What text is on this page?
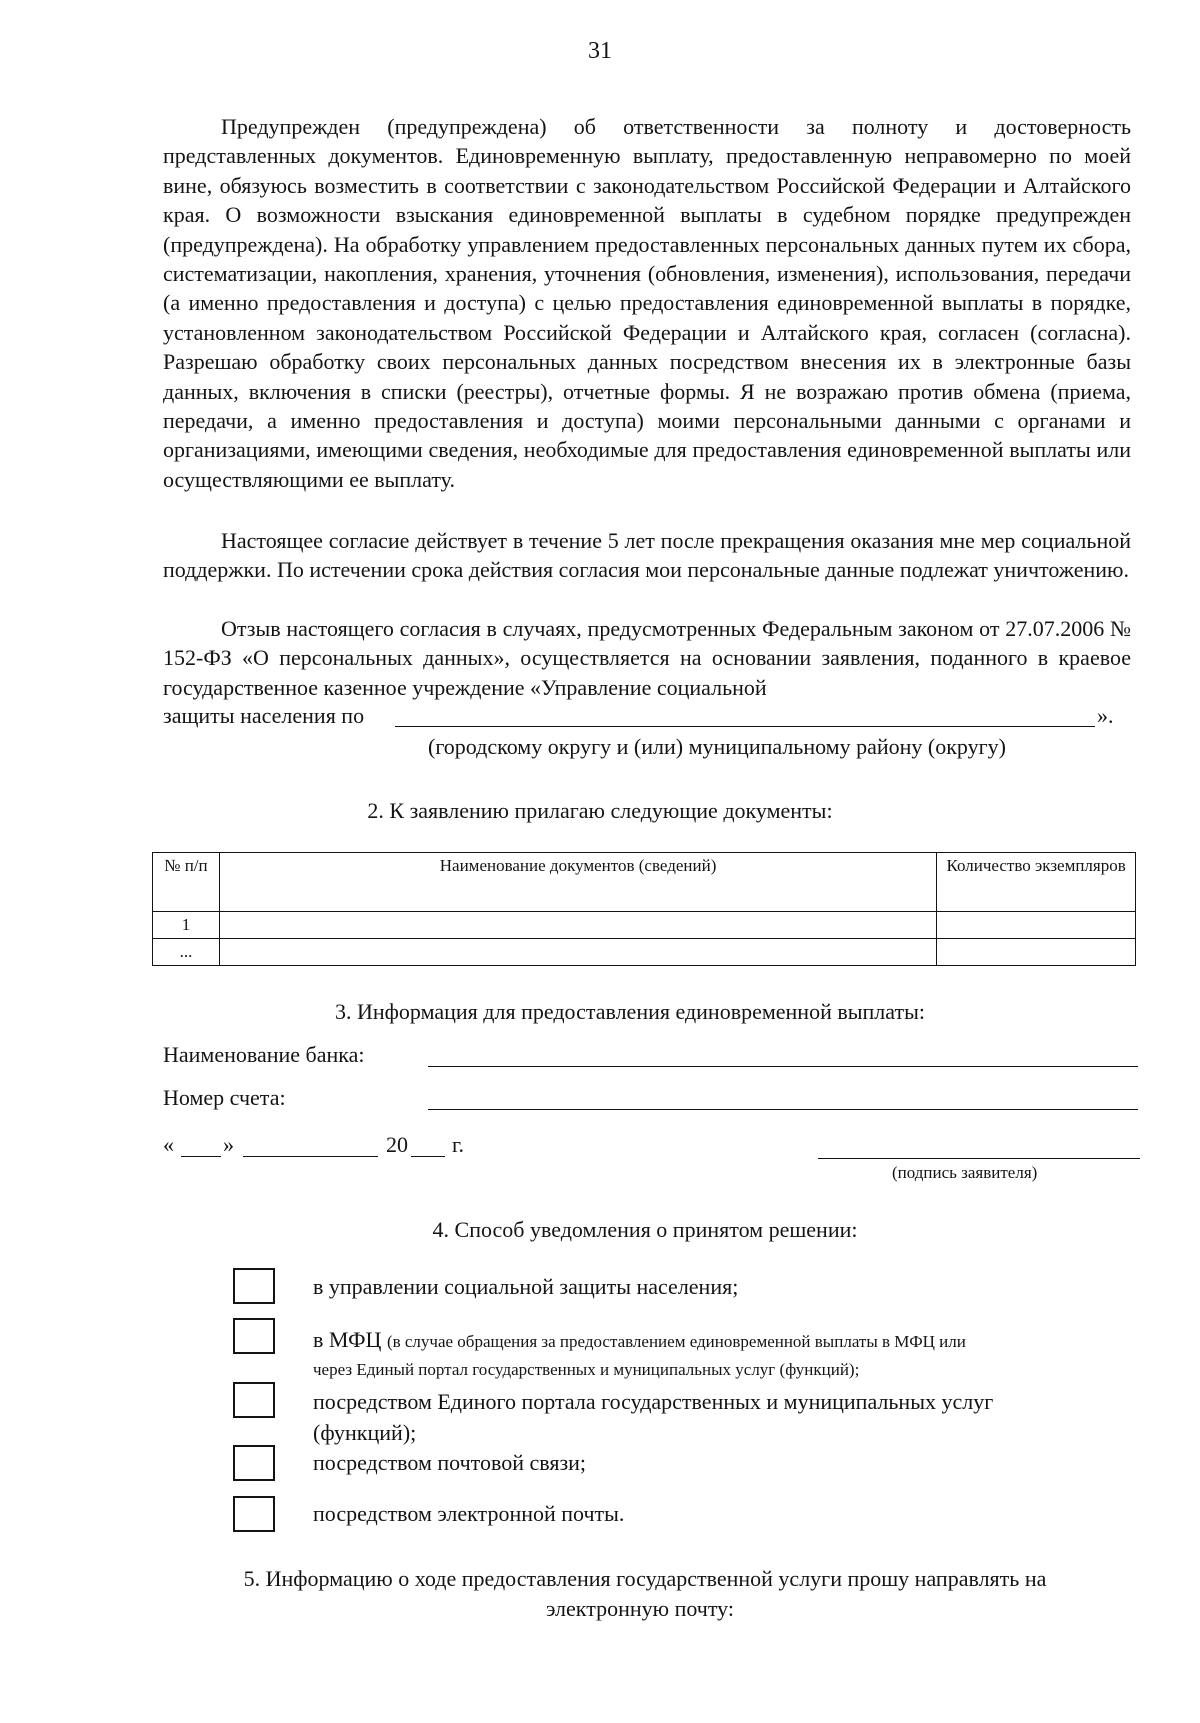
31

Предупрежден (предупреждена) об ответственности за полноту и достоверность представленных документов. Единовременную выплату, предоставленную неправомерно по моей вине, обязуюсь возместить в соответствии с законодательством Российской Федерации и Алтайского края. О возможности взыскания единовременной выплаты в судебном порядке предупрежден (предупреждена). На обработку управлением предоставленных персональных данных путем их сбора, систематизации, накопления, хранения, уточнения (обновления, изменения), использования, передачи (а именно предоставления и доступа) с целью предоставления единовременной выплаты в порядке, установленном законодательством Российской Федерации и Алтайского края, согласен (согласна). Разрешаю обработку своих персональных данных посредством внесения их в электронные базы данных, включения в списки (реестры), отчетные формы. Я не возражаю против обмена (приема, передачи, а именно предоставления и доступа) моими персональными данными с органами и организациями, имеющими сведения, необходимые для предоставления единовременной выплаты или осуществляющими ее выплату.

Настоящее согласие действует в течение 5 лет после прекращения оказания мне мер социальной поддержки. По истечении срока действия согласия мои персональные данные подлежат уничтожению.

Отзыв настоящего согласия в случаях, предусмотренных Федеральным законом от 27.07.2006 № 152-ФЗ «О персональных данных», осуществляется на основании заявления, поданного в краевое государственное казенное учреждение «Управление социальной

защиты населения по	».
(городскому округу и (или) муниципальному району (округу)
2. К заявлению прилагаю следующие документы:
№ п/п	Наименование документов (сведений)	Количество экземпляров
1		
...		
3. Информация для предоставления единовременной выплаты:
Наименование банка:
Номер счета:
« »	20 г.
(подпись заявителя)
4. Способ уведомления о принятом решении:
в управлении социальной защиты населения;
в МФЦ (в случае обращения за предоставлением единовременной выплаты в МФЦ или
через Единый портал государственных и муниципальных услуг (функций);
посредством Единого портала государственных и муниципальных услуг
(функций);
посредством почтовой связи;
посредством электронной почты.
5. Информацию о ходе предоставления государственной услуги прошу направлять на
электронную почту:
